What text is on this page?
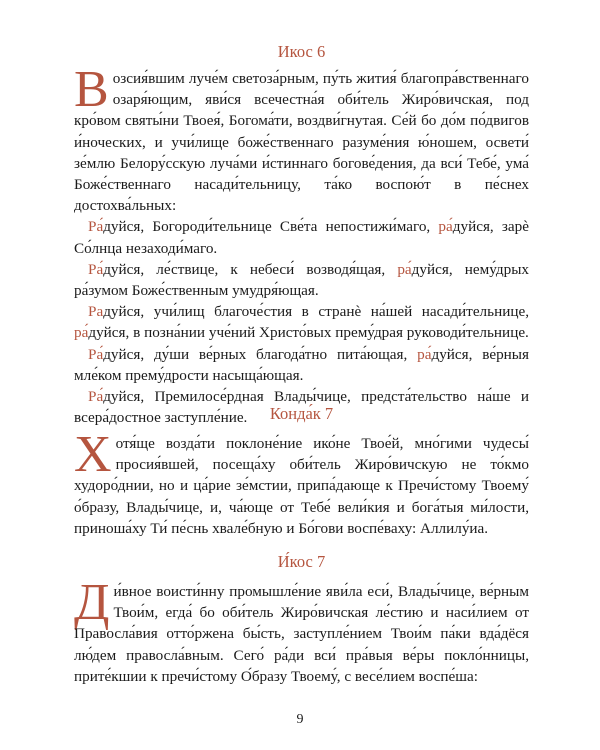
Икос 6

Возсия́вшим луче́м светоза́рным, пу́ть жития́ благопра́вственнаго озаря́ющим, яви́ся всечестна́я оби́тель Жиро́вичская, под кро́вом святы́ни Твоея́, Богома́ти, воздви́гнутая. Се́й бо до́м по́двигов и́ноческих, и учи́лище боже́ственнаго разуме́ния ю́ношем, освети́ зе́млю Белору́сскую луча́ми и́стиннаго богове́дения, да вси́ Тебе́, ума́ Боже́ственнаго насади́тельницу, та́ко воспою́т в пе́снех достохва́льных:

Ра́дуйся, Богороди́тельнице Све́та непостижи́маго, ра́дуйся, зарѐ Со́лнца незаходи́маго.

Ра́дуйся, ле́ствице, к небеси́ возводя́щая, ра́дуйся, нему́дрых ра́зумом Боже́ственным умудря́ющая.

Радуйся, учи́лищ благоче́стия в странѐ на́шей насади́тельнице, ра́дуйся, в позна́нии уче́ний Христо́вых прему́драя руководи́тельнице.

Ра́дуйся, ду́ши ве́рных благода́тно пита́ющая, ра́дуйся, ве́рныя мле́ком прему́дрости насыща́ющая.

Ра́дуйся, Премилосе́рдная Влады́чице, предста́тельство на́ше и всера́достное заступле́ние.	Конда́к 7

Хотя́ще возда́ти поклоне́ние ико́не Твое́й, мно́гими чудесы́ просия́вшей, посеща́ху оби́тель Жиро́вичскую не то́кмо худоро́днии, но и ца́рие зе́мстии, припа́дающе к Пречи́стому Твоему́ о́бразу, Влады́чице, и, ча́юще от Тебе́ вели́кия и бога́тыя ми́лости, принoша́ху Ти́ пе́снь хвале́бную и Бо́гови воспе́ваху: Аллилу́иа.

И́кос 7

Ди́вное воисти́нну промышле́ние яви́ла еси́, Влады́чице, ве́рным Твои́м, егда́ бо оби́тель Жиро́вичская ле́стию и наси́лием от Правосла́вия отто́ржена бы́сть, заступле́нием Твои́м па́ки вда́дёся лю́дем правосла́вным. Сего́ ра́ди вси́ пра́выя ве́ры покло́нницы, прите́кшии к пречи́стому О́бразу Твоему́, с весе́лием воспе́ша:

9
